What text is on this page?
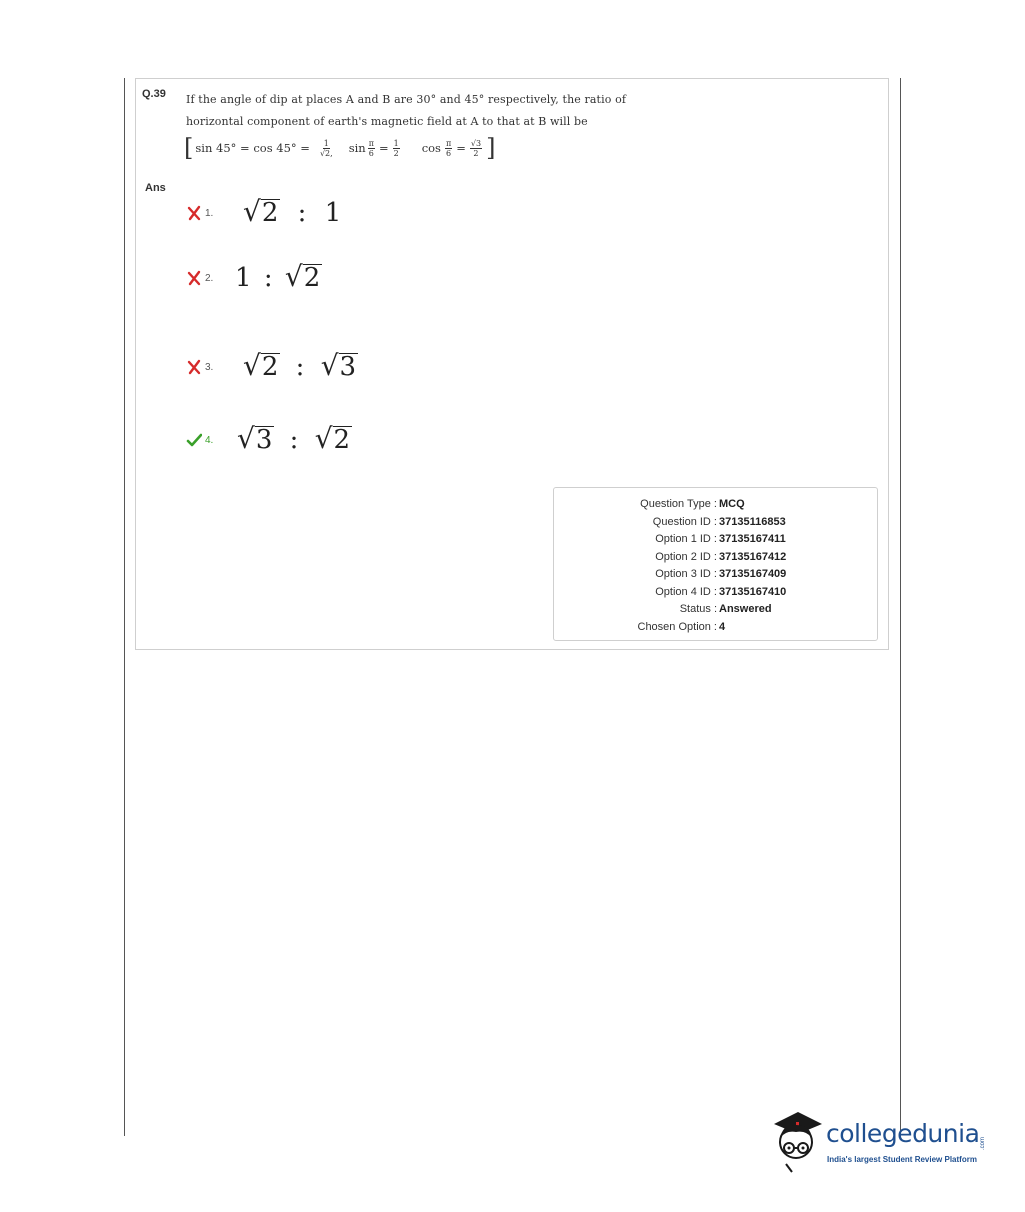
Q.39 If the angle of dip at places A and B are 30° and 45° respectively, the ratio of horizontal component of earth's magnetic field at A to that at B will be
[ $\sin 45^\circ = \cos 45^\circ = \frac{1}{√2,}$ $\sin \frac{\pi}{6} = \frac{1}{2}$ $\cos \frac{\pi}{6} = \frac{√3}{2}$ ]
Ans
1.	√ 2 : 1
2. 1 : √ 2
3.	√ 2 : √ 3
4. √ 3 : √ 2
Question Type : MCQ
Question ID : 37135116853
Option 1 ID : 37135167411
Option 2 ID : 37135167412
Option 3 ID : 37135167409
Option 4 ID : 37135167410
Status : Answered
Chosen Option : 4
collegedunia .com
India's largest Student Review Platform
